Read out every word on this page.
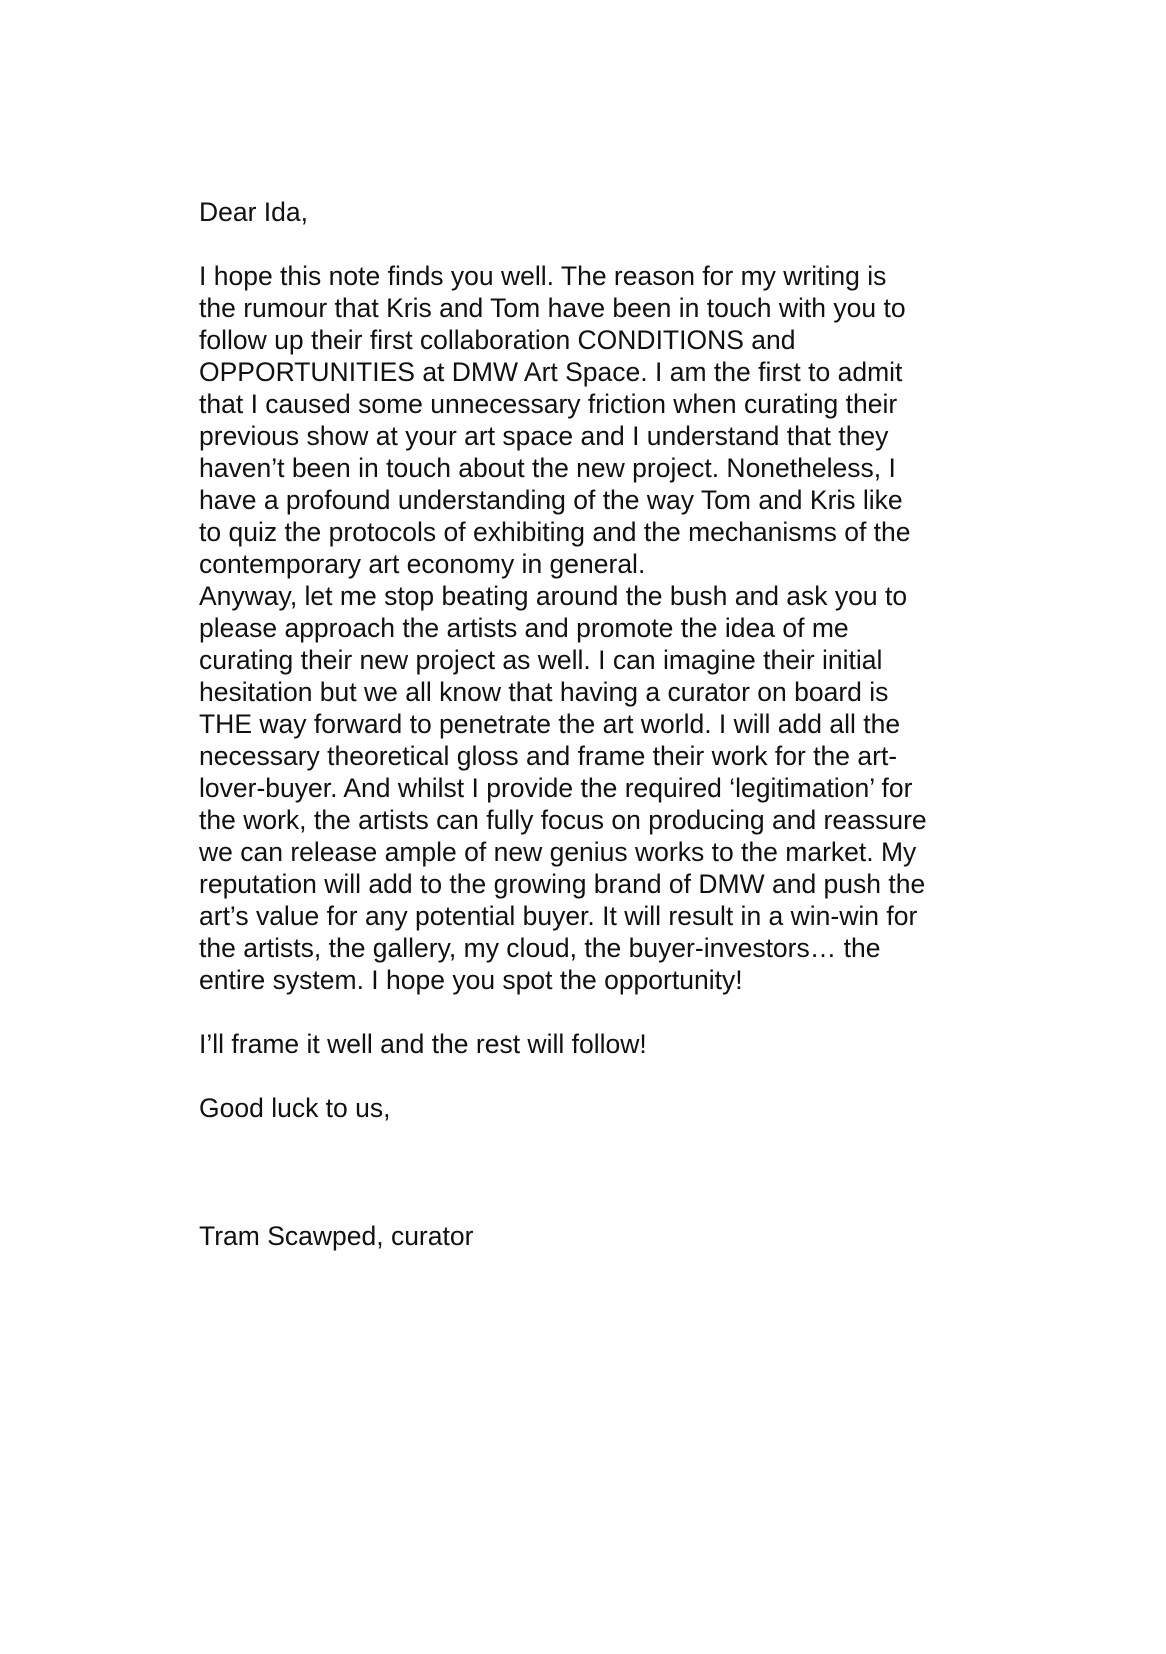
Dear Ida,
I hope this note finds you well. The reason for my writing is
the rumour that Kris and Tom have been in touch with you to
follow up their first collaboration CONDITIONS and
OPPORTUNITIES at DMW Art Space. I am the first to admit
that I caused some unnecessary friction when curating their
previous show at your art space and I understand that they
haven’t been in touch about the new project. Nonetheless, I
have a profound understanding of the way Tom and Kris like
to quiz the protocols of exhibiting and the mechanisms of the
contemporary art economy in general.
Anyway, let me stop beating around the bush and ask you to
please approach the artists and promote the idea of me
curating their new project as well. I can imagine their initial
hesitation but we all know that having a curator on board is
THE way forward to penetrate the art world. I will add all the
necessary theoretical gloss and frame their work for the art-
lover-buyer. And whilst I provide the required ‘legitimation’ for
the work, the artists can fully focus on producing and reassure
we can release ample of new genius works to the market. My
reputation will add to the growing brand of DMW and push the
art’s value for any potential buyer. It will result in a win-win for
the artists, the gallery, my cloud, the buyer-investors… the
entire system. I hope you spot the opportunity!
I’ll frame it well and the rest will follow!
Good luck to us,
Tram Scawped, curator
